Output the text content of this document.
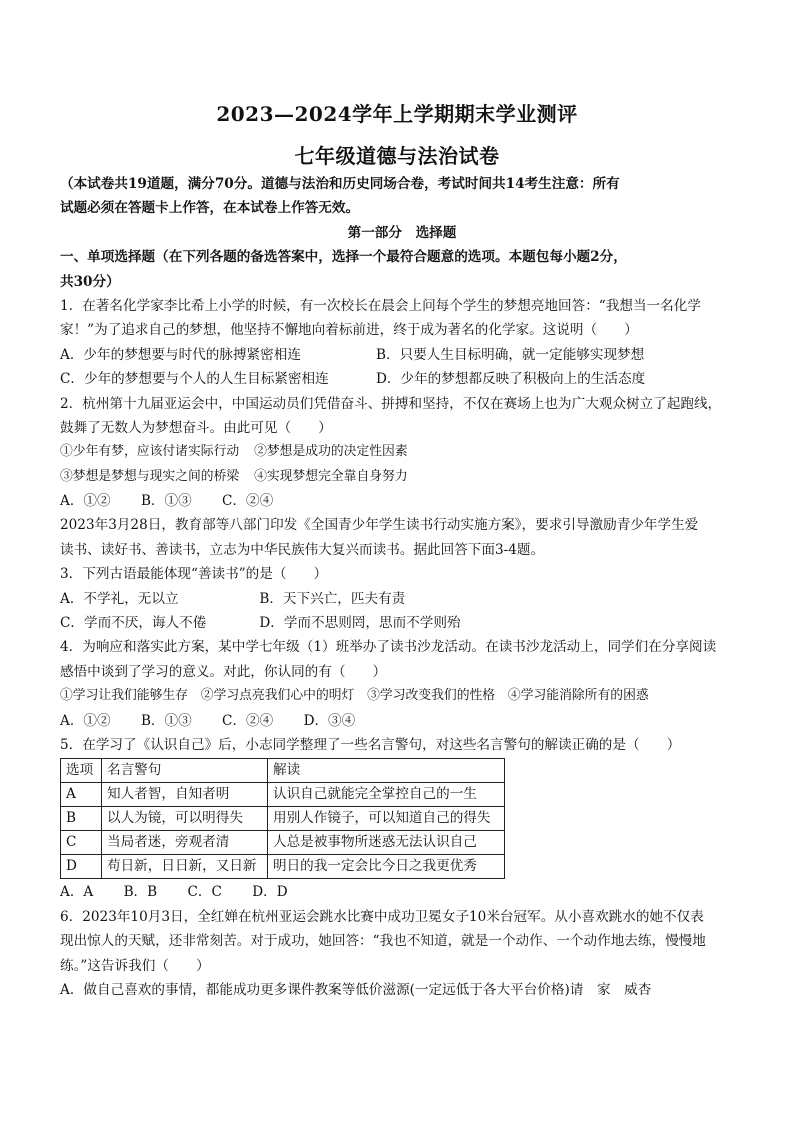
2023—2024学年上学期期末学业测评
七年级道德与法治试卷
（本试卷共19道题，满分70分。道德与法治和历史同场合卷，考试时间共14考生注意：所有
试题必须在答题卡上作答，在本试卷上作答无效。
第一部分　选择题
一、单项选择题（在下列各题的备选答案中，选择一个最符合题意的选项。本题包每小题2分，
共30分）
1．在著名化学家李比希上小学的时候，有一次校长在晨会上问每个学生的梦想亮地回答：“我想当一名化学
家！”为了追求自己的梦想，他坚持不懈地向着标前进，终于成为著名的化学家。这说明（　　）
A．少年的梦想要与时代的脉搏紧密相连	B．只要人生目标明确，就一定能够实现梦想
C．少年的梦想要与个人的人生目标紧密相连	D．少年的梦想都反映了积极向上的生活态度
2．杭州第十九届亚运会中，中国运动员们凭借奋斗、拼搏和坚持，不仅在赛场上也为广大观众树立了起跑线，
鼓舞了无数人为梦想奋斗。由此可见（　　）
①少年有梦，应该付诸实际行动 ②梦想是成功的决定性因素
③梦想是梦想与现实之间的桥梁 ④实现梦想完全靠自身努力
A．①② B．①③ C．②④
2023年3月28日，教育部等八部门印发《全国青少年学生读书行动实施方案》，要求引导激励青少年学生爱
读书、读好书、善读书，立志为中华民族伟大复兴而读书。据此回答下面3-4题。
3．下列古语最能体现“善读书”的是（　　）
A．不学礼，无以立	B．天下兴亡，匹夫有责
C．学而不厌，诲人不倦	D．学而不思则罔，思而不学则殆
4．为响应和落实此方案，某中学七年级（1）班举办了读书沙龙活动。在读书沙龙活动上，同学们在分享阅读
感悟中谈到了学习的意义。对此，你认同的有（　　）
①学习让我们能够生存　②学习点亮我们心中的明灯　③学习改变我们的性格　④学习能消除所有的困惑
A．①② B．①③ C．②④ D．③④
5．在学习了《认识自己》后，小志同学整理了一些名言警句，对这些名言警句的解读正确的是（　　）
选项	名言警句	解读
A	知人者智，自知者明	认识自己就能完全掌控自己的一生
B	以人为镜，可以明得失	用别人作镜子，可以知道自己的得失
C	当局者迷，旁观者清	人总是被事物所迷惑无法认识自己
D	苟日新，日日新，又日新	明日的我一定会比今日之我更优秀
A．A B．B C．C D．D
6．2023年10月3日，全红婵在杭州亚运会跳水比赛中成功卫冕女子10米台冠军。从小喜欢跳水的她不仅表
现出惊人的天赋，还非常刻苦。对于成功，她回答：“我也不知道，就是一个动作、一个动作地去练，慢慢地
练。”这告诉我们（　　）
A．做自己喜欢的事情，都能成功更多课件教案等低价滋源(一定远低于各大平台价格)请　家　威杏
